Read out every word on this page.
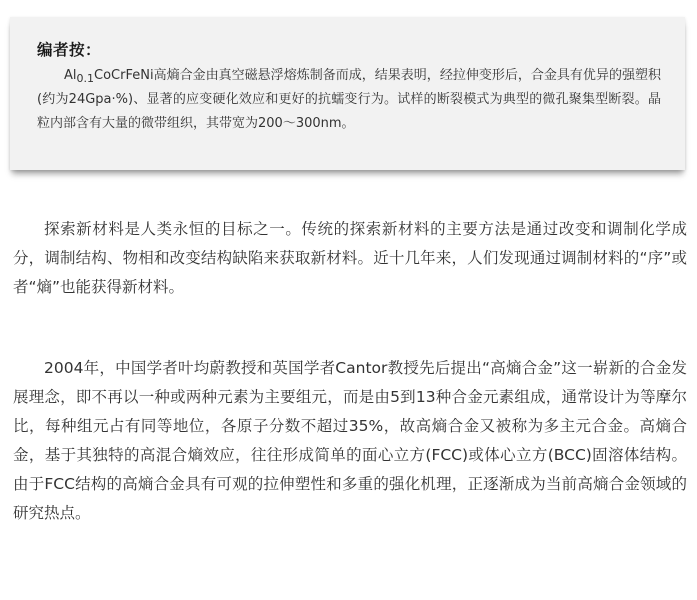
编者按：
$Al_{0.1}CoCrFeNi$高熵合金由真空磁悬浮熔炼制备而成，结果表明，经拉伸变形后，合金具有优异的强塑积(约为24Gpa·%)、显著的应变硬化效应和更好的抗蠕变行为。试样的断裂模式为典型的微孔聚集型断裂。晶粒内部含有大量的微带组织，其带宽为200～300nm。

探索新材料是人类永恒的目标之一。传统的探索新材料的主要方法是通过改变和调制化学成分，调制结构、物相和改变结构缺陷来获取新材料。近十几年来，人们发现通过调制材料的“序”或者“熵”也能获得新材料。

2004年，中国学者叶均蔚教授和英国学者Cantor教授先后提出“高熵合金”这一崭新的合金发展理念，即不再以一种或两种元素为主要组元，而是由5到13种合金元素组成，通常设计为等摩尔比，每种组元占有同等地位，各原子分数不超过35%，故高熵合金又被称为多主元合金。高熵合金，基于其独特的高混合熵效应，往往形成简单的面心立方(FCC)或体心立方(BCC)固溶体结构。由于FCC结构的高熵合金具有可观的拉伸塑性和多重的强化机理，正逐渐成为当前高熵合金领域的研究热点。
